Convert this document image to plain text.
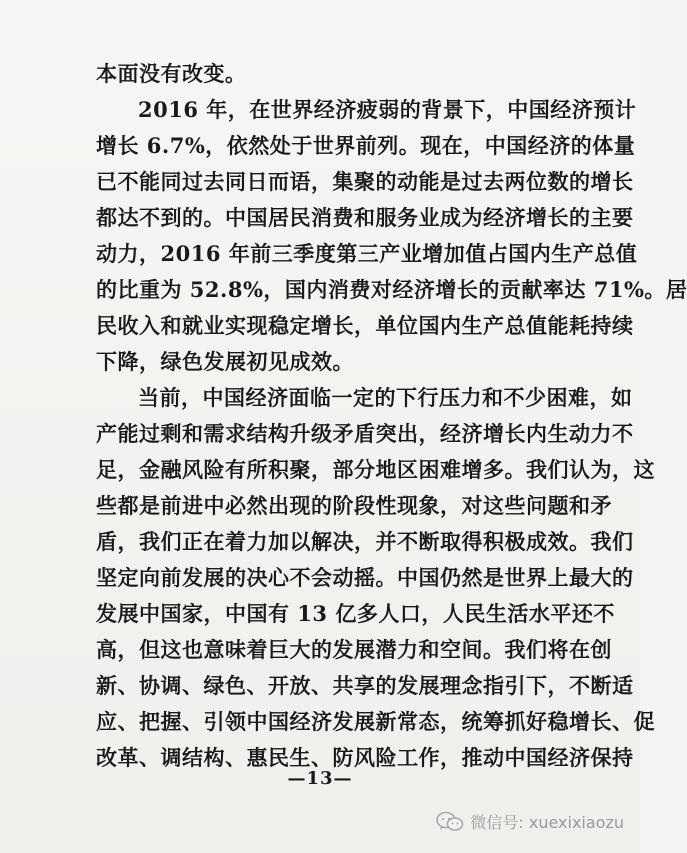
本面没有改变。
2016 年，在世界经济疲弱的背景下，中国经济预计
增长 6.7%，依然处于世界前列。现在，中国经济的体量
已不能同过去同日而语，集聚的动能是过去两位数的增长
都达不到的。中国居民消费和服务业成为经济增长的主要
动力，2016 年前三季度第三产业增加值占国内生产总值
的比重为 52.8%，国内消费对经济增长的贡献率达 71%。居
民收入和就业实现稳定增长，单位国内生产总值能耗持续
下降，绿色发展初见成效。
当前，中国经济面临一定的下行压力和不少困难，如
产能过剩和需求结构升级矛盾突出，经济增长内生动力不
足，金融风险有所积聚，部分地区困难增多。我们认为，这
些都是前进中必然出现的阶段性现象，对这些问题和矛
盾，我们正在着力加以解决，并不断取得积极成效。我们
坚定向前发展的决心不会动摇。中国仍然是世界上最大的
发展中国家，中国有 13 亿多人口，人民生活水平还不
高，但这也意味着巨大的发展潜力和空间。我们将在创
新、协调、绿色、开放、共享的发展理念指引下，不断适
应、把握、引领中国经济发展新常态，统筹抓好稳增长、促
改革、调结构、惠民生、防风险工作，推动中国经济保持
—13—
微信号: xuexixiaozu
